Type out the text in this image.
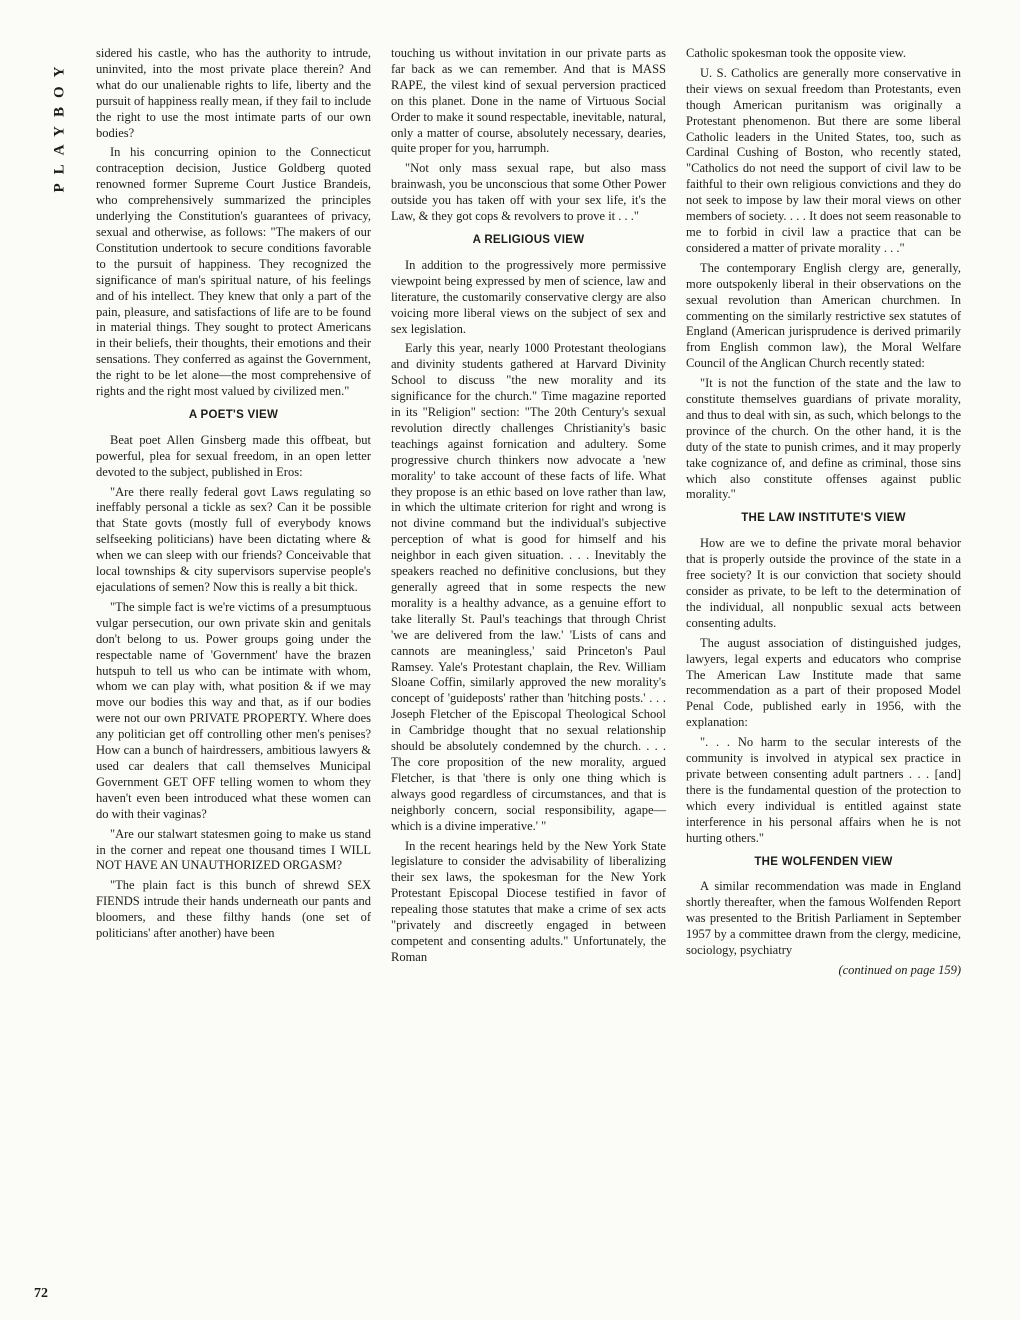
PLAYBOY

sidered his castle, who has the authority to intrude, uninvited, into the most private place therein? And what do our unalienable rights to life, liberty and the pursuit of happiness really mean, if they fail to include the right to use the most intimate parts of our own bodies?

In his concurring opinion to the Connecticut contraception decision, Justice Goldberg quoted renowned former Supreme Court Justice Brandeis, who comprehensively summarized the principles underlying the Constitution's guarantees of privacy, sexual and otherwise, as follows: "The makers of our Constitution undertook to secure conditions favorable to the pursuit of happiness. They recognized the significance of man's spiritual nature, of his feelings and of his intellect. They knew that only a part of the pain, pleasure, and satisfactions of life are to be found in material things. They sought to protect Americans in their beliefs, their thoughts, their emotions and their sensations. They conferred as against the Government, the right to be let alone—the most comprehensive of rights and the right most valued by civilized men."

A POET'S VIEW

Beat poet Allen Ginsberg made this offbeat, but powerful, plea for sexual freedom, in an open letter devoted to the subject, published in Eros:

"Are there really federal govt Laws regulating so ineffably personal a tickle as sex? Can it be possible that State govts (mostly full of everybody knows selfseeking politicians) have been dictating where & when we can sleep with our friends? Conceivable that local townships & city supervisors supervise people's ejaculations of semen? Now this is really a bit thick.

"The simple fact is we're victims of a presumptuous vulgar persecution, our own private skin and genitals don't belong to us. Power groups going under the respectable name of 'Government' have the brazen hutspuh to tell us who can be intimate with whom, whom we can play with, what position & if we may move our bodies this way and that, as if our bodies were not our own PRIVATE PROPERTY. Where does any politician get off controlling other men's penises? How can a bunch of hairdressers, ambitious lawyers & used car dealers that call themselves Municipal Government GET OFF telling women to whom they haven't even been introduced what these women can do with their vaginas?

"Are our stalwart statesmen going to make us stand in the corner and repeat one thousand times I WILL NOT HAVE AN UNAUTHORIZED ORGASM?

"The plain fact is this bunch of shrewd SEX FIENDS intrude their hands underneath our pants and bloomers, and these filthy hands (one set of politicians' after another) have been

touching us without invitation in our private parts as far back as we can remember. And that is MASS RAPE, the vilest kind of sexual perversion practiced on this planet. Done in the name of Virtuous Social Order to make it sound respectable, inevitable, natural, only a matter of course, absolutely necessary, dearies, quite proper for you, harrumph.

"Not only mass sexual rape, but also mass brainwash, you be unconscious that some Other Power outside you has taken off with your sex life, it's the Law, & they got cops & revolvers to prove it . . ."

A RELIGIOUS VIEW

In addition to the progressively more permissive viewpoint being expressed by men of science, law and literature, the customarily conservative clergy are also voicing more liberal views on the subject of sex and sex legislation.

Early this year, nearly 1000 Protestant theologians and divinity students gathered at Harvard Divinity School to discuss "the new morality and its significance for the church." Time magazine reported in its "Religion" section: "The 20th Century's sexual revolution directly challenges Christianity's basic teachings against fornication and adultery. Some progressive church thinkers now advocate a 'new morality' to take account of these facts of life. What they propose is an ethic based on love rather than law, in which the ultimate criterion for right and wrong is not divine command but the individual's subjective perception of what is good for himself and his neighbor in each given situation. . . . Inevitably the speakers reached no definitive conclusions, but they generally agreed that in some respects the new morality is a healthy advance, as a genuine effort to take literally St. Paul's teachings that through Christ 'we are delivered from the law.' 'Lists of cans and cannots are meaningless,' said Princeton's Paul Ramsey. Yale's Protestant chaplain, the Rev. William Sloane Coffin, similarly approved the new morality's concept of 'guideposts' rather than 'hitching posts.' . . . Joseph Fletcher of the Episcopal Theological School in Cambridge thought that no sexual relationship should be absolutely condemned by the church. . . . The core proposition of the new morality, argued Fletcher, is that 'there is only one thing which is always good regardless of circumstances, and that is neighborly concern, social responsibility, agape—which is a divine imperative.' "

In the recent hearings held by the New York State legislature to consider the advisability of liberalizing their sex laws, the spokesman for the New York Protestant Episcopal Diocese testified in favor of repealing those statutes that make a crime of sex acts "privately and discreetly engaged in between competent and consenting adults." Unfortunately, the Roman

Catholic spokesman took the opposite view.

U. S. Catholics are generally more conservative in their views on sexual freedom than Protestants, even though American puritanism was originally a Protestant phenomenon. But there are some liberal Catholic leaders in the United States, too, such as Cardinal Cushing of Boston, who recently stated, "Catholics do not need the support of civil law to be faithful to their own religious convictions and they do not seek to impose by law their moral views on other members of society. . . . It does not seem reasonable to me to forbid in civil law a practice that can be considered a matter of private morality . . ."

The contemporary English clergy are, generally, more outspokenly liberal in their observations on the sexual revolution than American churchmen. In commenting on the similarly restrictive sex statutes of England (American jurisprudence is derived primarily from English common law), the Moral Welfare Council of the Anglican Church recently stated:

"It is not the function of the state and the law to constitute themselves guardians of private morality, and thus to deal with sin, as such, which belongs to the province of the church. On the other hand, it is the duty of the state to punish crimes, and it may properly take cognizance of, and define as criminal, those sins which also constitute offenses against public morality."

THE LAW INSTITUTE'S VIEW

How are we to define the private moral behavior that is properly outside the province of the state in a free society? It is our conviction that society should consider as private, to be left to the determination of the individual, all nonpublic sexual acts between consenting adults.

The august association of distinguished judges, lawyers, legal experts and educators who comprise The American Law Institute made that same recommendation as a part of their proposed Model Penal Code, published early in 1956, with the explanation:

". . . No harm to the secular interests of the community is involved in atypical sex practice in private between consenting adult partners . . . [and] there is the fundamental question of the protection to which every individual is entitled against state interference in his personal affairs when he is not hurting others."

THE WOLFENDEN VIEW

A similar recommendation was made in England shortly thereafter, when the famous Wolfenden Report was presented to the British Parliament in September 1957 by a committee drawn from the clergy, medicine, sociology, psychiatry

(continued on page 159)

72
